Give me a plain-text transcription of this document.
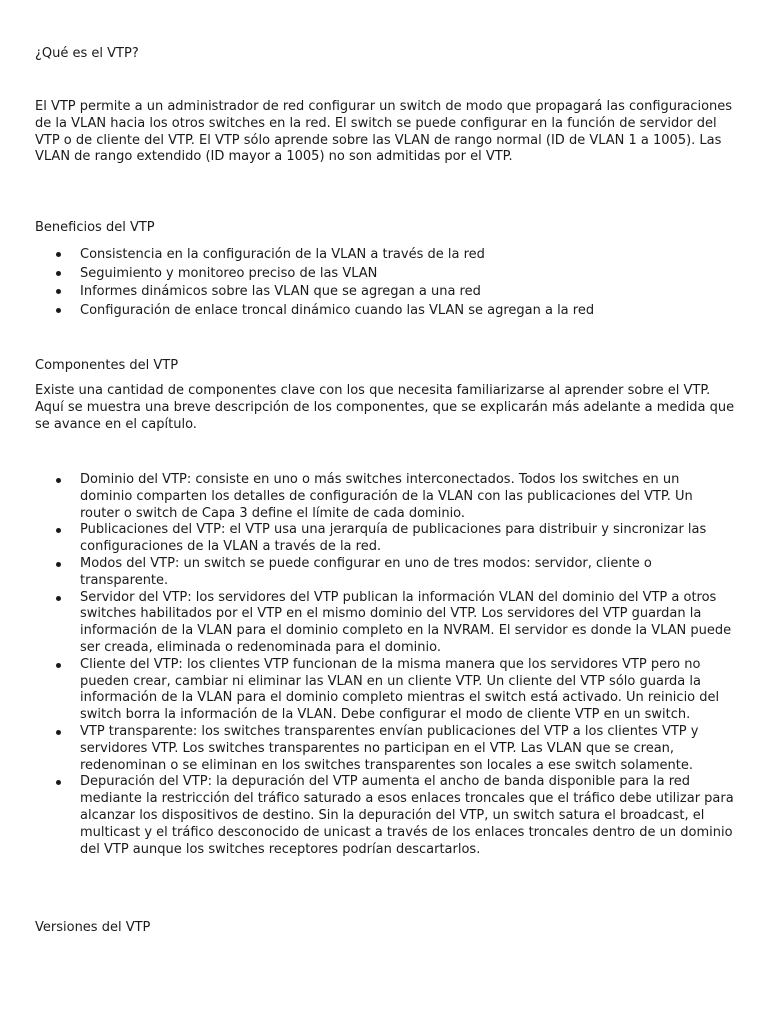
¿Qué es el VTP?

El VTP permite a un administrador de red configurar un switch de modo que propagará las configuraciones de la VLAN hacia los otros switches en la red. El switch se puede configurar en la función de servidor del VTP o de cliente del VTP. El VTP sólo aprende sobre las VLAN de rango normal (ID de VLAN 1 a 1005). Las VLAN de rango extendido (ID mayor a 1005) no son admitidas por el VTP.

Beneficios del VTP

Consistencia en la configuración de la VLAN a través de la red
Seguimiento y monitoreo preciso de las VLAN
Informes dinámicos sobre las VLAN que se agregan a una red
Configuración de enlace troncal dinámico cuando las VLAN se agregan a la red

Componentes del VTP

Existe una cantidad de componentes clave con los que necesita familiarizarse al aprender sobre el VTP. Aquí se muestra una breve descripción de los componentes, que se explicarán más adelante a medida que se avance en el capítulo.

Dominio del VTP: consiste en uno o más switches interconectados. Todos los switches en un dominio comparten los detalles de configuración de la VLAN con las publicaciones del VTP. Un router o switch de Capa 3 define el límite de cada dominio.
Publicaciones del VTP: el VTP usa una jerarquía de publicaciones para distribuir y sincronizar las configuraciones de la VLAN a través de la red.
Modos del VTP: un switch se puede configurar en uno de tres modos: servidor, cliente o transparente.
Servidor del VTP: los servidores del VTP publican la información VLAN del dominio del VTP a otros switches habilitados por el VTP en el mismo dominio del VTP. Los servidores del VTP guardan la información de la VLAN para el dominio completo en la NVRAM. El servidor es donde la VLAN puede ser creada, eliminada o redenominada para el dominio.
Cliente del VTP: los clientes VTP funcionan de la misma manera que los servidores VTP pero no pueden crear, cambiar ni eliminar las VLAN en un cliente VTP. Un cliente del VTP sólo guarda la información de la VLAN para el dominio completo mientras el switch está activado. Un reinicio del switch borra la información de la VLAN. Debe configurar el modo de cliente VTP en un switch.
VTP transparente: los switches transparentes envían publicaciones del VTP a los clientes VTP y servidores VTP. Los switches transparentes no participan en el VTP. Las VLAN que se crean, redenominan o se eliminan en los switches transparentes son locales a ese switch solamente.
Depuración del VTP: la depuración del VTP aumenta el ancho de banda disponible para la red mediante la restricción del tráfico saturado a esos enlaces troncales que el tráfico debe utilizar para alcanzar los dispositivos de destino. Sin la depuración del VTP, un switch satura el broadcast, el multicast y el tráfico desconocido de unicast a través de los enlaces troncales dentro de un dominio del VTP aunque los switches receptores podrían descartarlos.

Versiones del VTP
